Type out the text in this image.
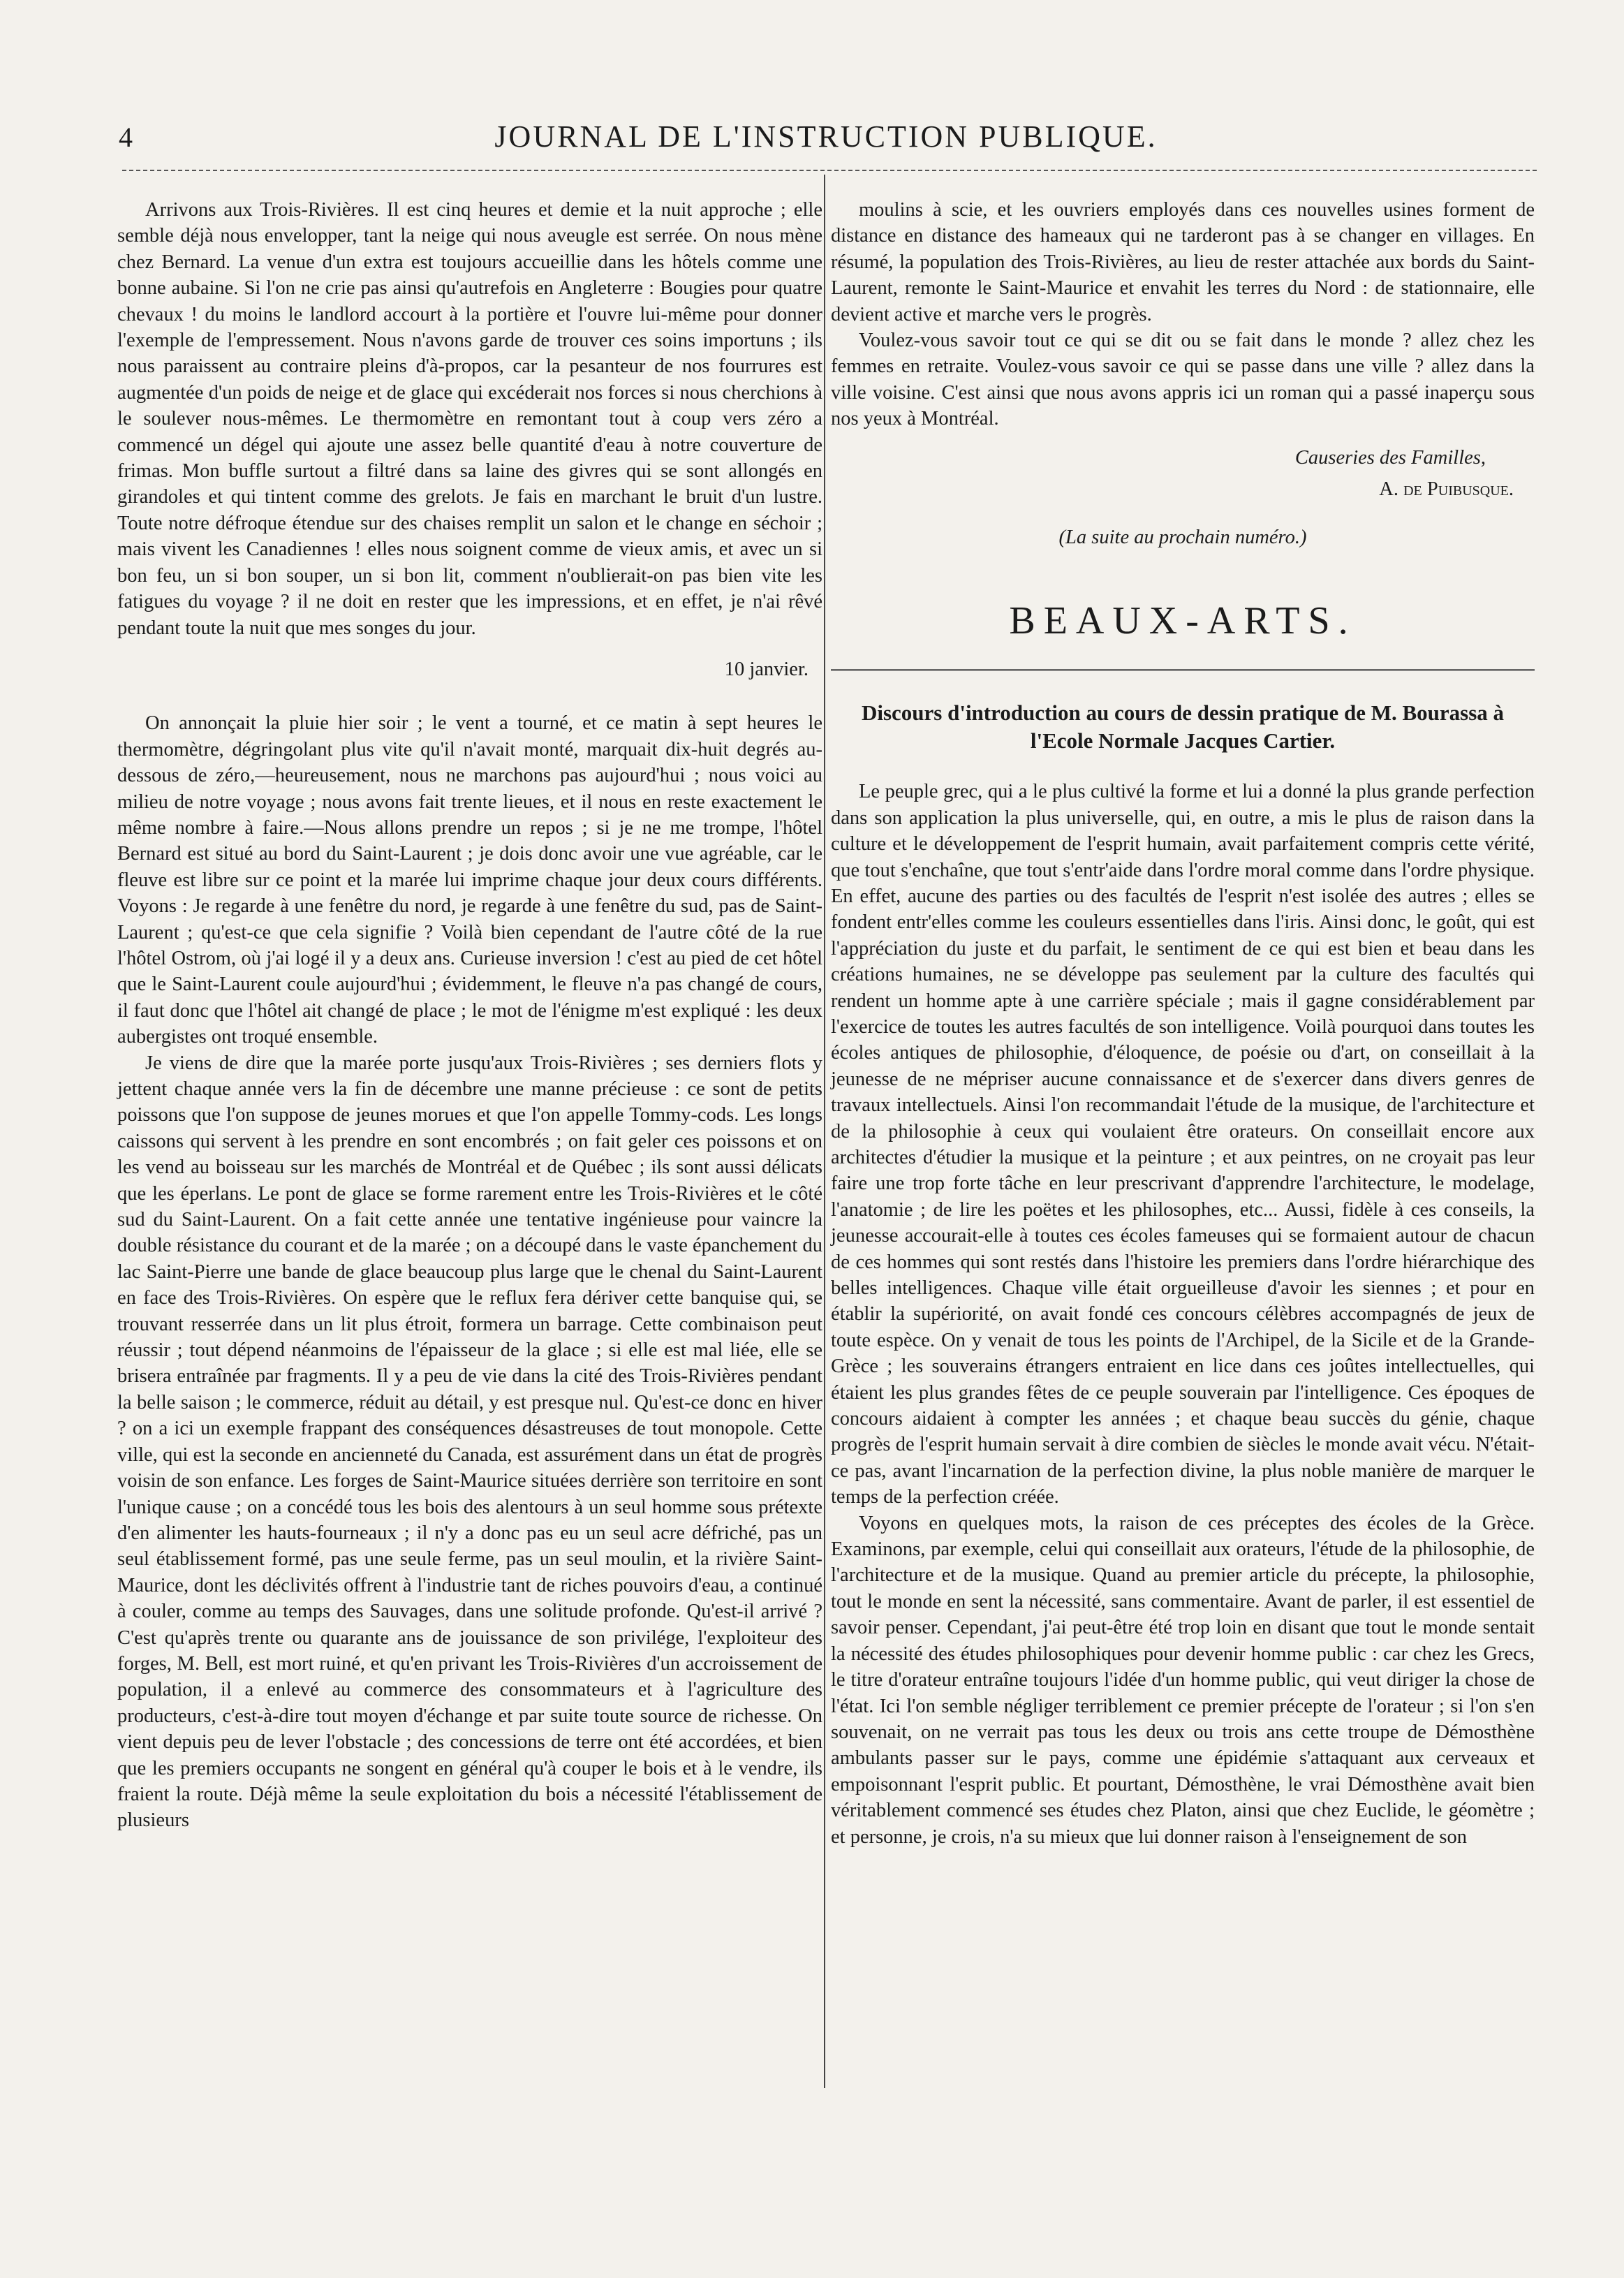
4	JOURNAL DE L'INSTRUCTION PUBLIQUE.

Arrivons aux Trois-Rivières. Il est cinq heures et demie et la nuit approche ; elle semble déjà nous envelopper, tant la neige qui nous aveugle est serrée. On nous mène chez Bernard. La venue d'un extra est toujours accueillie dans les hôtels comme une bonne aubaine. Si l'on ne crie pas ainsi qu'autrefois en Angleterre : Bougies pour quatre chevaux ! du moins le landlord accourt à la portière et l'ouvre lui-même pour donner l'exemple de l'empressement. Nous n'avons garde de trouver ces soins importuns ; ils nous paraissent au contraire pleins d'à-propos, car la pesanteur de nos fourrures est augmentée d'un poids de neige et de glace qui excéderait nos forces si nous cherchions à le soulever nous-mêmes. Le thermomètre en remontant tout à coup vers zéro a commencé un dégel qui ajoute une assez belle quantité d'eau à notre couverture de frimas. Mon buffle surtout a filtré dans sa laine des givres qui se sont allongés en girandoles et qui tintent comme des grelots. Je fais en marchant le bruit d'un lustre. Toute notre défroque étendue sur des chaises remplit un salon et le change en séchoir ; mais vivent les Canadiennes ! elles nous soignent comme de vieux amis, et avec un si bon feu, un si bon souper, un si bon lit, comment n'oublierait-on pas bien vite les fatigues du voyage ? il ne doit en rester que les impressions, et en effet, je n'ai rêvé pendant toute la nuit que mes songes du jour.

10 janvier.

On annonçait la pluie hier soir ; le vent a tourné, et ce matin à sept heures le thermomètre, dégringolant plus vite qu'il n'avait monté, marquait dix-huit degrés au-dessous de zéro,—heureusement, nous ne marchons pas aujourd'hui ; nous voici au milieu de notre voyage ; nous avons fait trente lieues, et il nous en reste exactement le même nombre à faire.—Nous allons prendre un repos ; si je ne me trompe, l'hôtel Bernard est situé au bord du Saint-Laurent ; je dois donc avoir une vue agréable, car le fleuve est libre sur ce point et la marée lui imprime chaque jour deux cours différents. Voyons : Je regarde à une fenêtre du nord, je regarde à une fenêtre du sud, pas de Saint-Laurent ; qu'est-ce que cela signifie ? Voilà bien cependant de l'autre côté de la rue l'hôtel Ostrom, où j'ai logé il y a deux ans. Curieuse inversion ! c'est au pied de cet hôtel que le Saint-Laurent coule aujourd'hui ; évidemment, le fleuve n'a pas changé de cours, il faut donc que l'hôtel ait changé de place ; le mot de l'énigme m'est expliqué : les deux aubergistes ont troqué ensemble.

Je viens de dire que la marée porte jusqu'aux Trois-Rivières ; ses derniers flots y jettent chaque année vers la fin de décembre une manne précieuse : ce sont de petits poissons que l'on suppose de jeunes morues et que l'on appelle Tommy-cods. Les longs caissons qui servent à les prendre en sont encombrés ; on fait geler ces poissons et on les vend au boisseau sur les marchés de Montréal et de Québec ; ils sont aussi délicats que les éperlans. Le pont de glace se forme rarement entre les Trois-Rivières et le côté sud du Saint-Laurent. On a fait cette année une tentative ingénieuse pour vaincre la double résistance du courant et de la marée ; on a découpé dans le vaste épanchement du lac Saint-Pierre une bande de glace beaucoup plus large que le chenal du Saint-Laurent en face des Trois-Rivières. On espère que le reflux fera dériver cette banquise qui, se trouvant resserrée dans un lit plus étroit, formera un barrage. Cette combinaison peut réussir ; tout dépend néanmoins de l'épaisseur de la glace ; si elle est mal liée, elle se brisera entraînée par fragments. Il y a peu de vie dans la cité des Trois-Rivières pendant la belle saison ; le commerce, réduit au détail, y est presque nul. Qu'est-ce donc en hiver ? on a ici un exemple frappant des conséquences désastreuses de tout monopole. Cette ville, qui est la seconde en ancienneté du Canada, est assurément dans un état de progrès voisin de son enfance. Les forges de Saint-Maurice situées derrière son territoire en sont l'unique cause ; on a concédé tous les bois des alentours à un seul homme sous prétexte d'en alimenter les hauts-fourneaux ; il n'y a donc pas eu un seul acre défriché, pas un seul établissement formé, pas une seule ferme, pas un seul moulin, et la rivière Saint-Maurice, dont les déclivités offrent à l'industrie tant de riches pouvoirs d'eau, a continué à couler, comme au temps des Sauvages, dans une solitude profonde. Qu'est-il arrivé ? C'est qu'après trente ou quarante ans de jouissance de son privilége, l'exploiteur des forges, M. Bell, est mort ruiné, et qu'en privant les Trois-Rivières d'un accroissement de population, il a enlevé au commerce des consommateurs et à l'agriculture des producteurs, c'est-à-dire tout moyen d'échange et par suite toute source de richesse. On vient depuis peu de lever l'obstacle ; des concessions de terre ont été accordées, et bien que les premiers occupants ne songent en général qu'à couper le bois et à le vendre, ils fraient la route. Déjà même la seule exploitation du bois a nécessité l'établissement de plusieurs

moulins à scie, et les ouvriers employés dans ces nouvelles usines forment de distance en distance des hameaux qui ne tarderont pas à se changer en villages. En résumé, la population des Trois-Rivières, au lieu de rester attachée aux bords du Saint-Laurent, remonte le Saint-Maurice et envahit les terres du Nord : de stationnaire, elle devient active et marche vers le progrès.

Voulez-vous savoir tout ce qui se dit ou se fait dans le monde ? allez chez les femmes en retraite. Voulez-vous savoir ce qui se passe dans une ville ? allez dans la ville voisine. C'est ainsi que nous avons appris ici un roman qui a passé inaperçu sous nos yeux à Montréal.

Causeries des Familles,

A. de Puibusque.

(La suite au prochain numéro.)

BEAUX-ARTS.
Discours d'introduction au cours de dessin pratique de M. Bourassa à l'Ecole Normale Jacques Cartier.

Le peuple grec, qui a le plus cultivé la forme et lui a donné la plus grande perfection dans son application la plus universelle, qui, en outre, a mis le plus de raison dans la culture et le développement de l'esprit humain, avait parfaitement compris cette vérité, que tout s'enchaîne, que tout s'entr'aide dans l'ordre moral comme dans l'ordre physique. En effet, aucune des parties ou des facultés de l'esprit n'est isolée des autres ; elles se fondent entr'elles comme les couleurs essentielles dans l'iris. Ainsi donc, le goût, qui est l'appréciation du juste et du parfait, le sentiment de ce qui est bien et beau dans les créations humaines, ne se développe pas seulement par la culture des facultés qui rendent un homme apte à une carrière spéciale ; mais il gagne considérablement par l'exercice de toutes les autres facultés de son intelligence. Voilà pourquoi dans toutes les écoles antiques de philosophie, d'éloquence, de poésie ou d'art, on conseillait à la jeunesse de ne mépriser aucune connaissance et de s'exercer dans divers genres de travaux intellectuels. Ainsi l'on recommandait l'étude de la musique, de l'architecture et de la philosophie à ceux qui voulaient être orateurs. On conseillait encore aux architectes d'étudier la musique et la peinture ; et aux peintres, on ne croyait pas leur faire une trop forte tâche en leur prescrivant d'apprendre l'architecture, le modelage, l'anatomie ; de lire les poëtes et les philosophes, etc... Aussi, fidèle à ces conseils, la jeunesse accourait-elle à toutes ces écoles fameuses qui se formaient autour de chacun de ces hommes qui sont restés dans l'histoire les premiers dans l'ordre hiérarchique des belles intelligences. Chaque ville était orgueilleuse d'avoir les siennes ; et pour en établir la supériorité, on avait fondé ces concours célèbres accompagnés de jeux de toute espèce. On y venait de tous les points de l'Archipel, de la Sicile et de la Grande-Grèce ; les souverains étrangers entraient en lice dans ces joûtes intellectuelles, qui étaient les plus grandes fêtes de ce peuple souverain par l'intelligence. Ces époques de concours aidaient à compter les années ; et chaque beau succès du génie, chaque progrès de l'esprit humain servait à dire combien de siècles le monde avait vécu. N'était-ce pas, avant l'incarnation de la perfection divine, la plus noble manière de marquer le temps de la perfection créée.

Voyons en quelques mots, la raison de ces préceptes des écoles de la Grèce. Examinons, par exemple, celui qui conseillait aux orateurs, l'étude de la philosophie, de l'architecture et de la musique. Quand au premier article du précepte, la philosophie, tout le monde en sent la nécessité, sans commentaire. Avant de parler, il est essentiel de savoir penser. Cependant, j'ai peut-être été trop loin en disant que tout le monde sentait la nécessité des études philosophiques pour devenir homme public : car chez les Grecs, le titre d'orateur entraîne toujours l'idée d'un homme public, qui veut diriger la chose de l'état. Ici l'on semble négliger terriblement ce premier précepte de l'orateur ; si l'on s'en souvenait, on ne verrait pas tous les deux ou trois ans cette troupe de Démosthène ambulants passer sur le pays, comme une épidémie s'attaquant aux cerveaux et empoisonnant l'esprit public. Et pourtant, Démosthène, le vrai Démosthène avait bien véritablement commencé ses études chez Platon, ainsi que chez Euclide, le géomètre ; et personne, je crois, n'a su mieux que lui donner raison à l'enseignement de son
